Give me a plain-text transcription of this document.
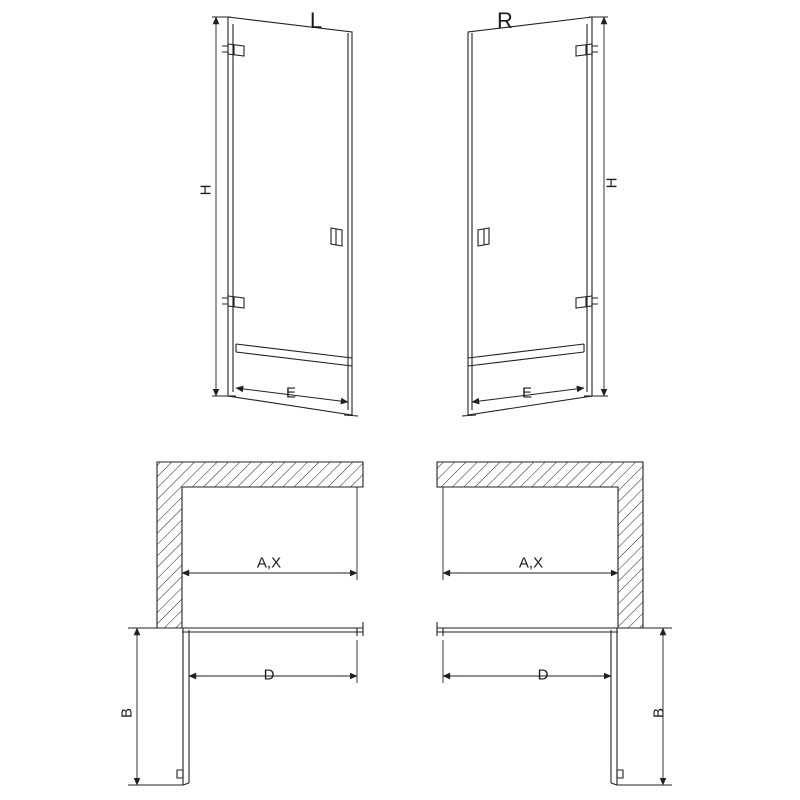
L	R
H
H
E	E
A,X	A,X
D	D
B	B
